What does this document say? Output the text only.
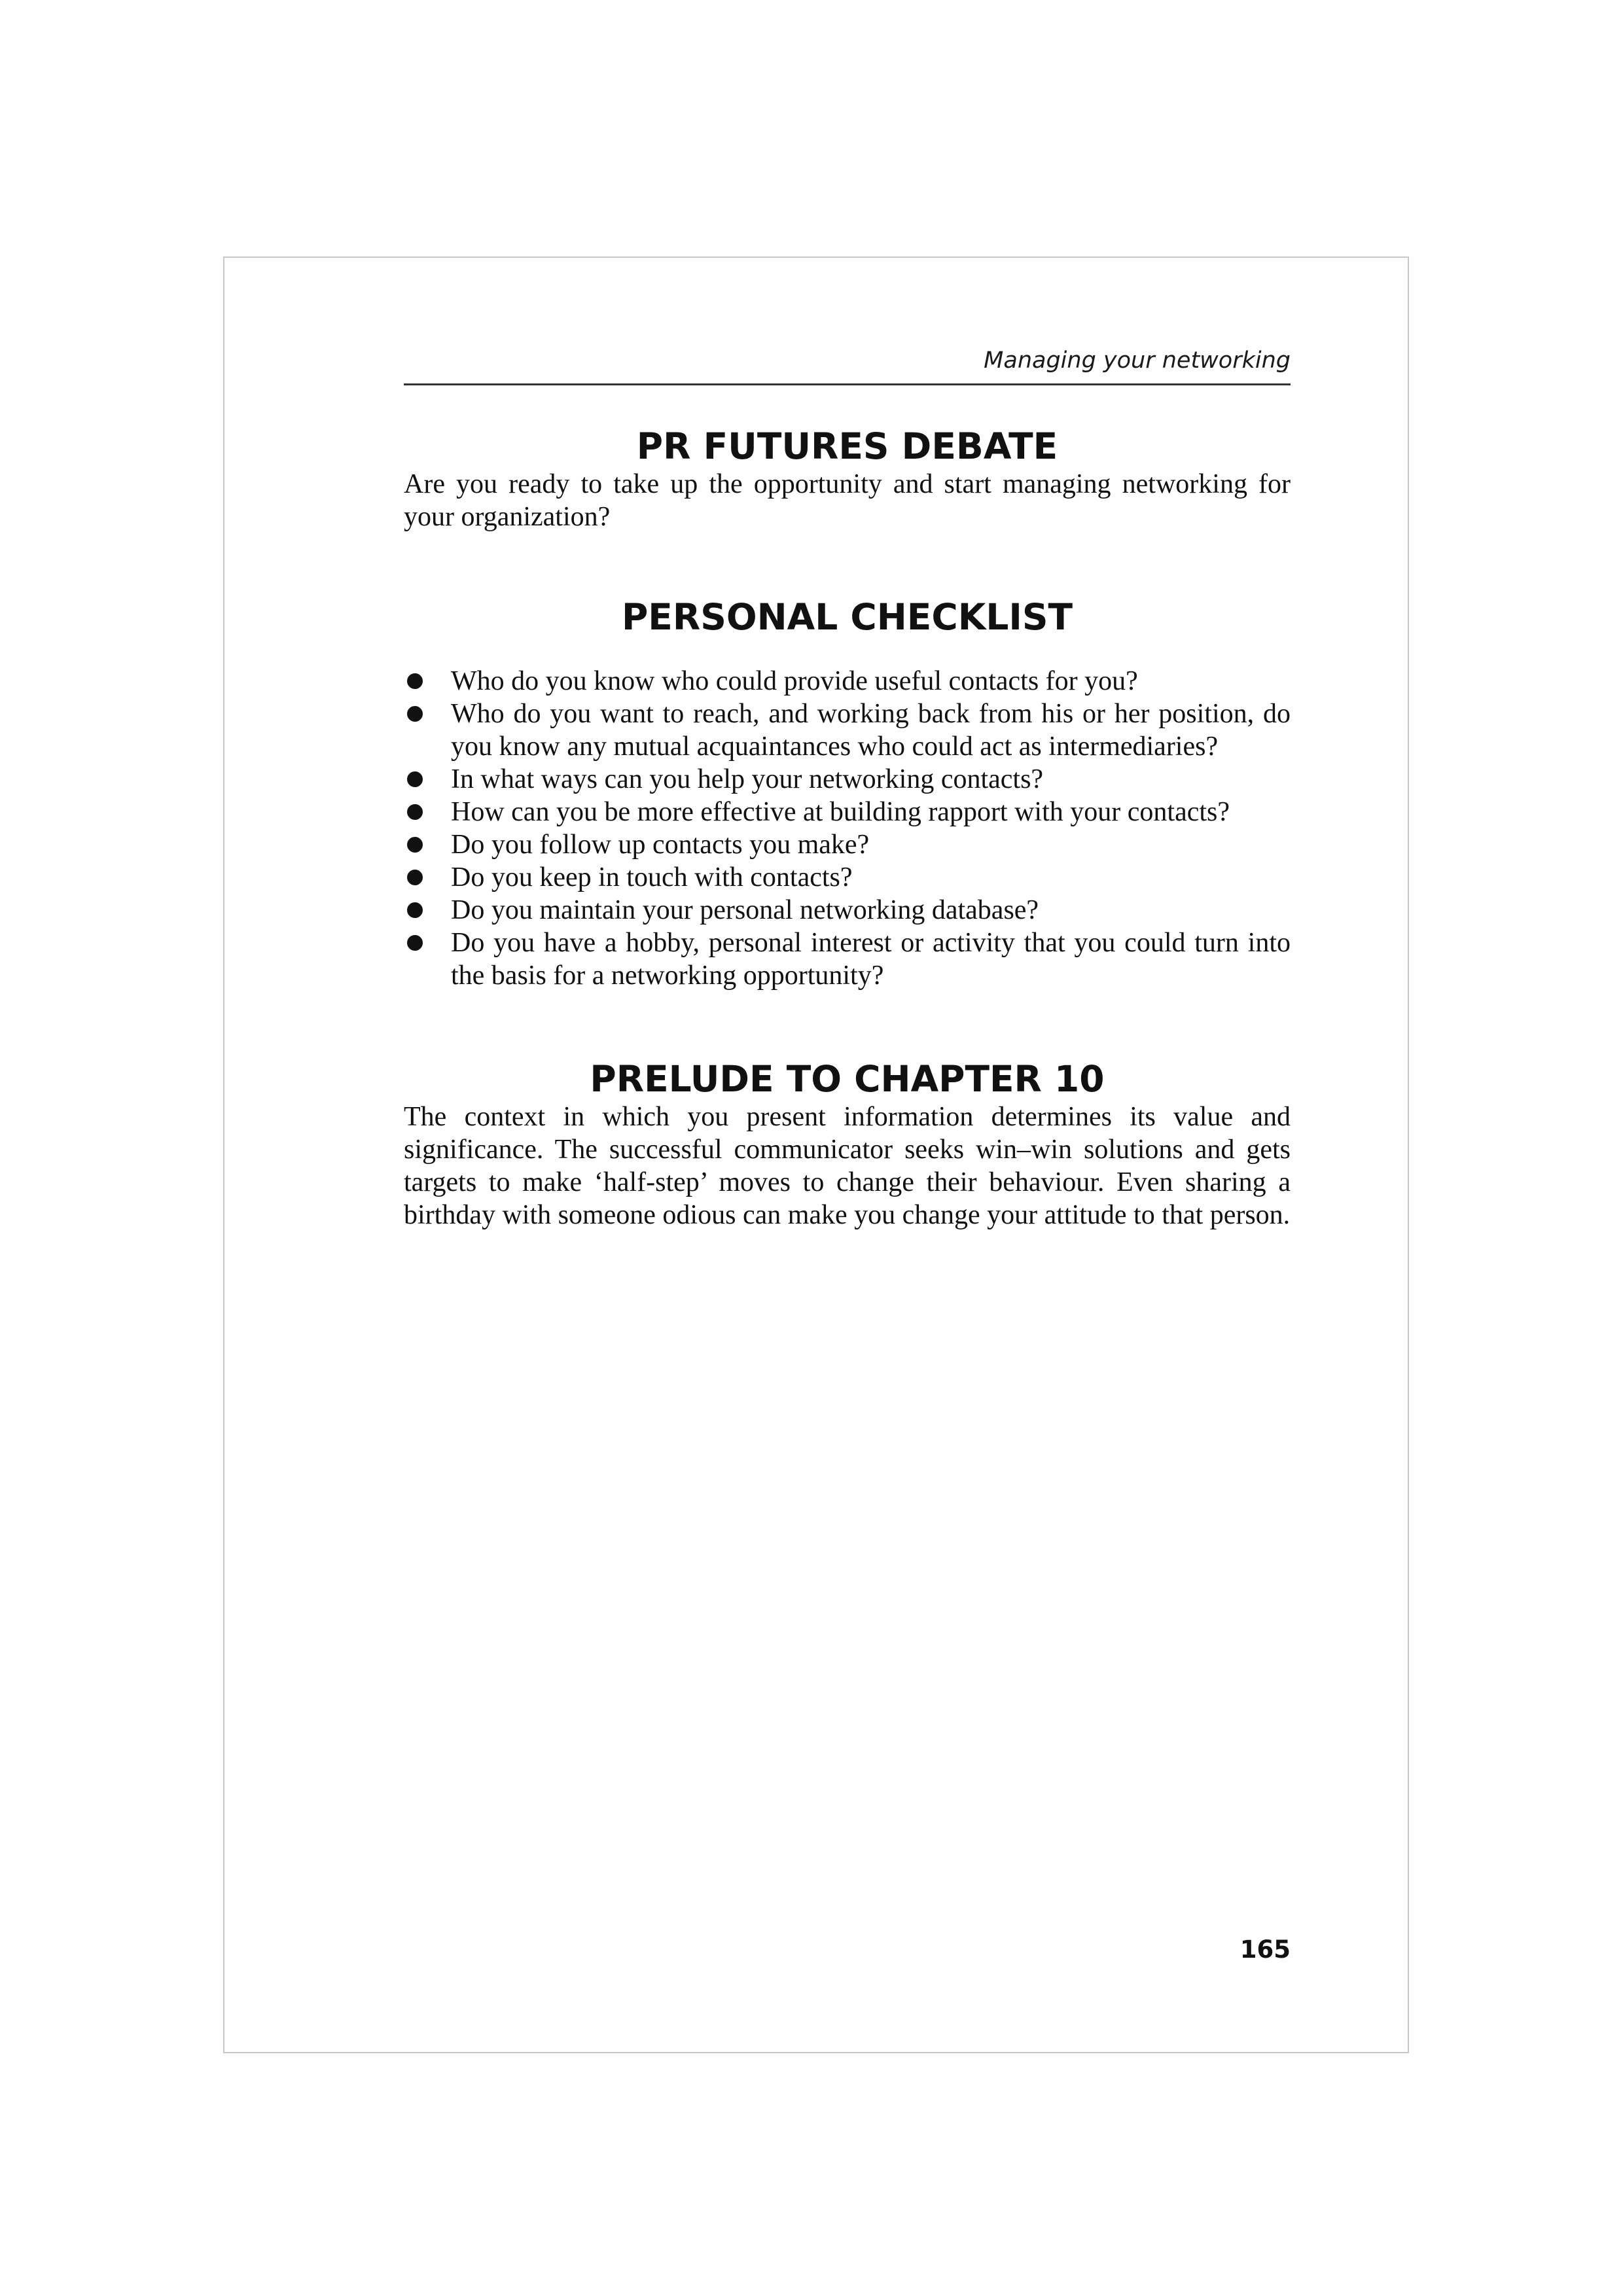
Managing your networking
PR FUTURES DEBATE

Are you ready to take up the opportunity and start managing networking for your organization?

PERSONAL CHECKLIST
Who do you know who could provide useful contacts for you?
Who do you want to reach, and working back from his or her position, do you know any mutual acquaintances who could act as intermediaries?
In what ways can you help your networking contacts?
How can you be more effective at building rapport with your contacts?
Do you follow up contacts you make?
Do you keep in touch with contacts?
Do you maintain your personal networking database?
Do you have a hobby, personal interest or activity that you could turn into the basis for a networking opportunity?
PRELUDE TO CHAPTER 10

The context in which you present information determines its value and significance. The successful communicator seeks win–win solutions and gets targets to make ‘half-step’ moves to change their behaviour. Even sharing a birthday with someone odious can make you change your attitude to that person.

165
